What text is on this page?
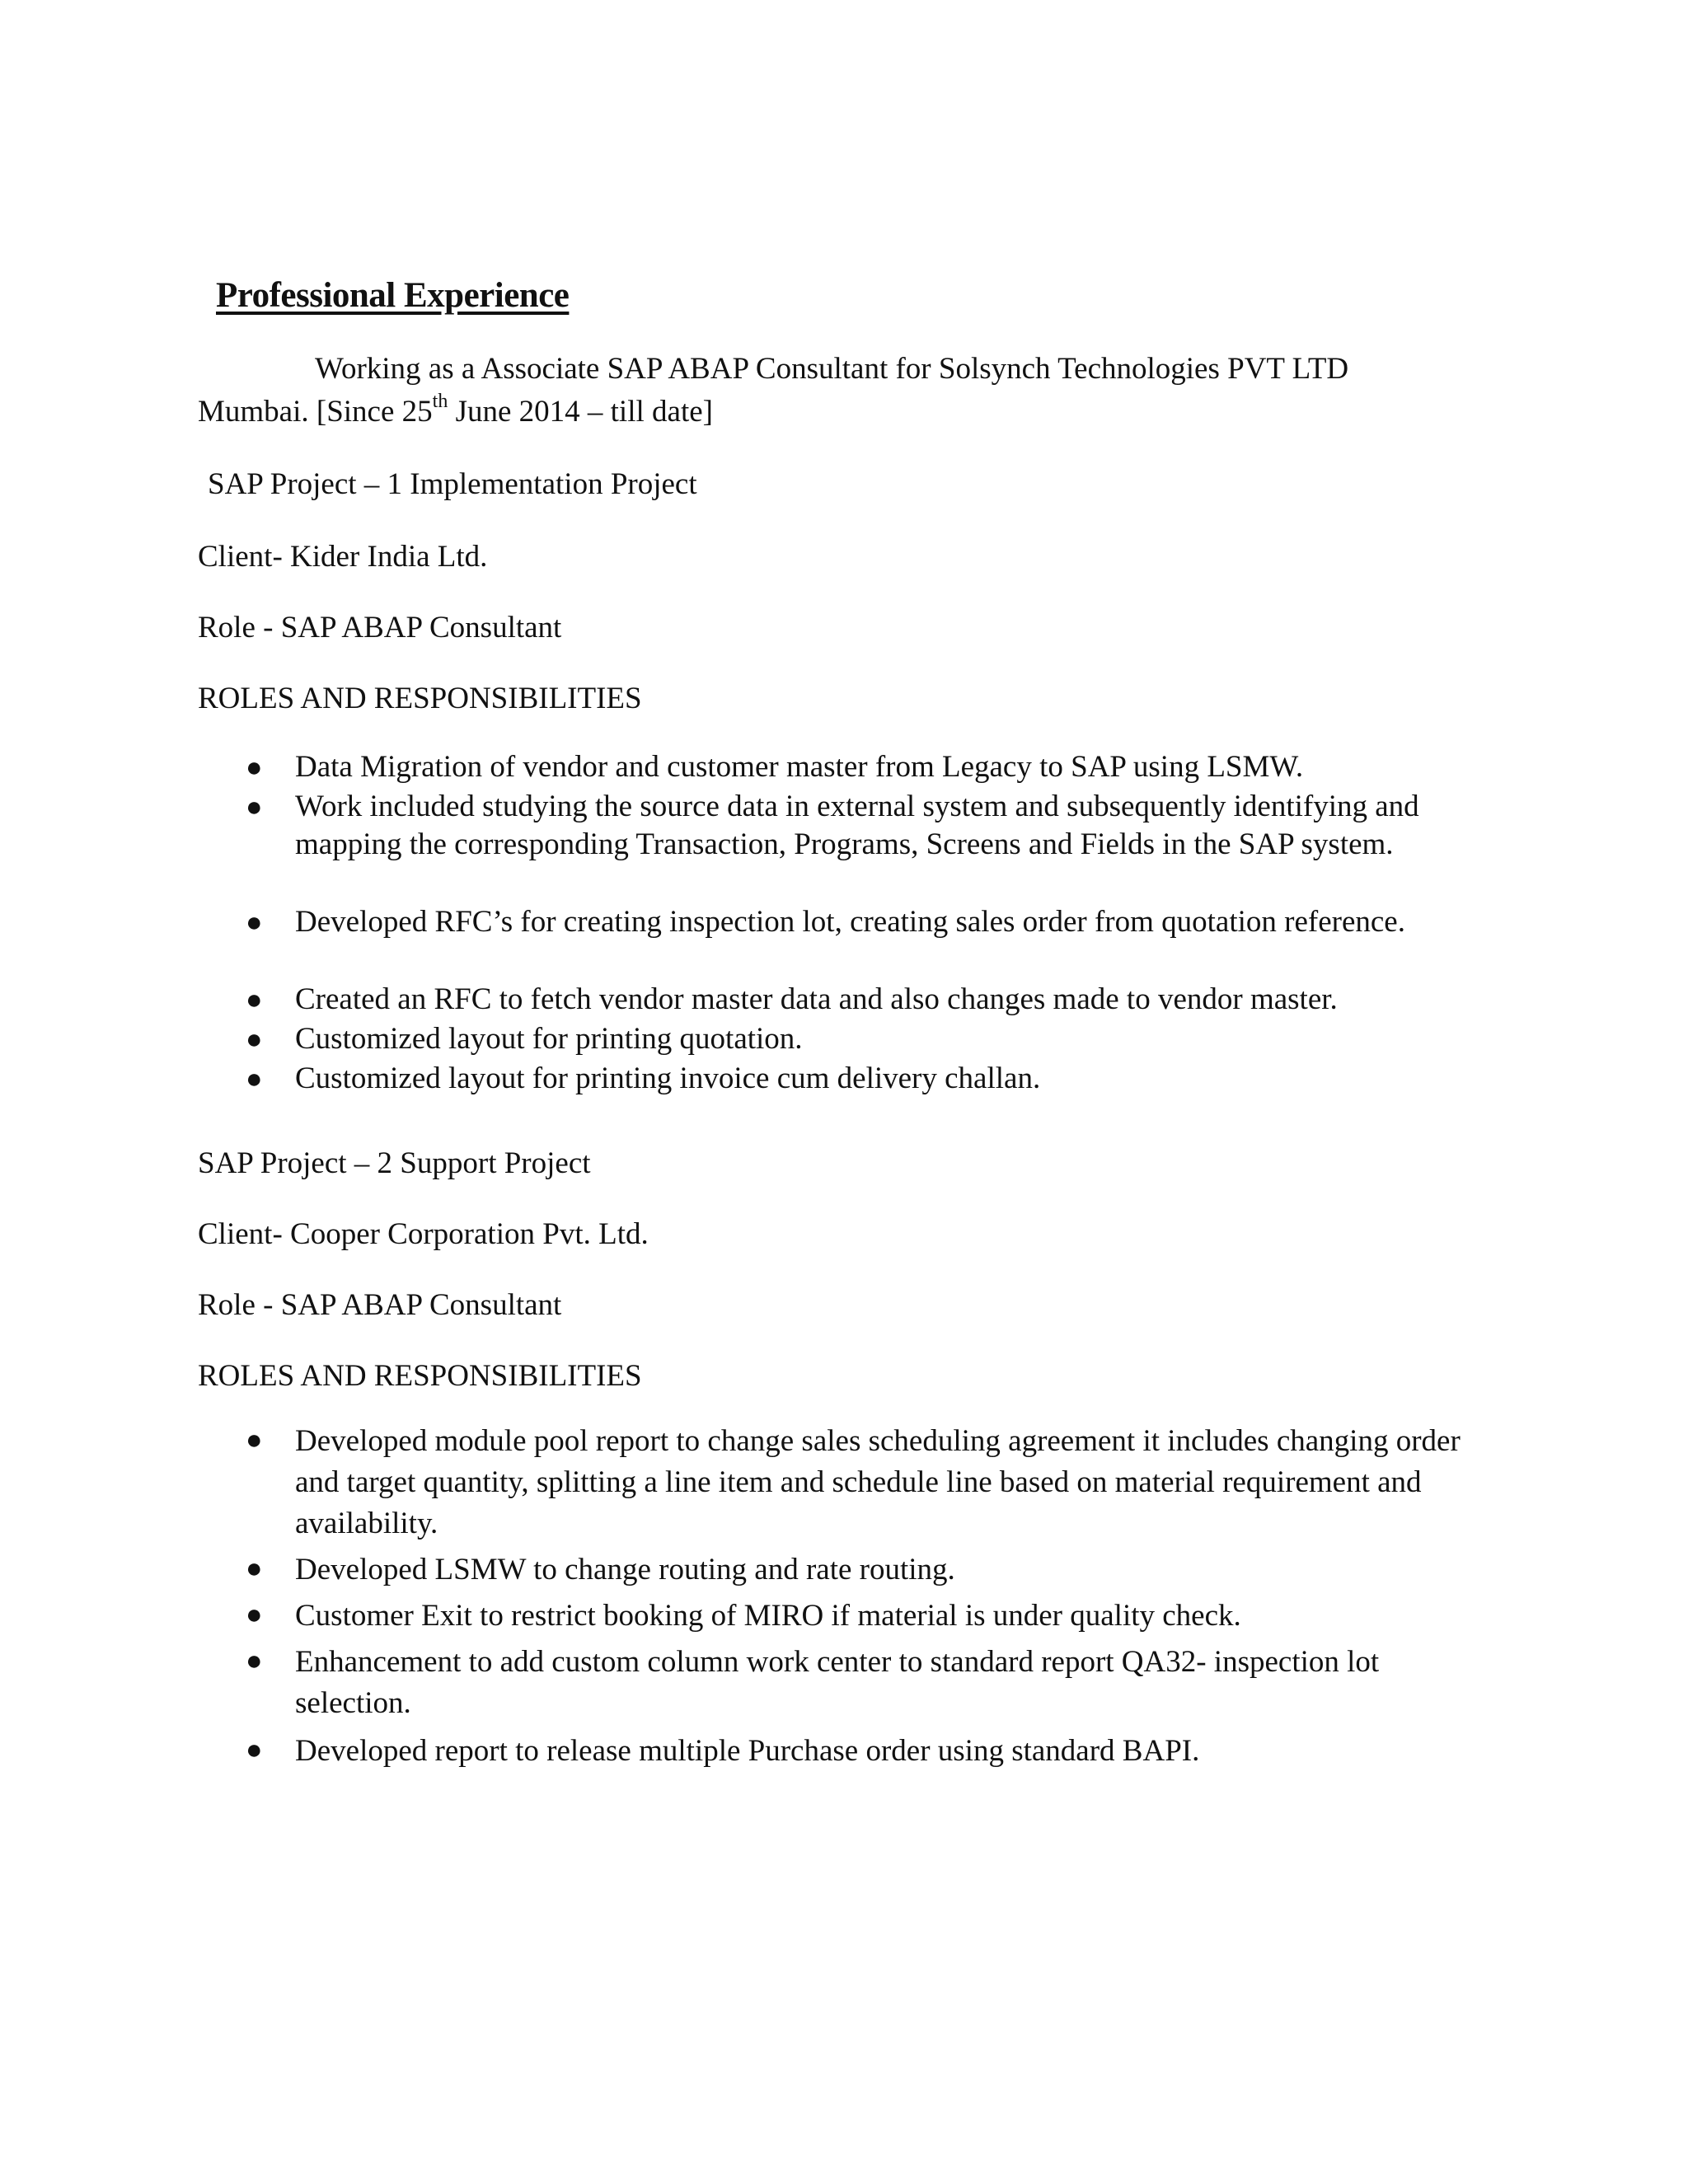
Professional Experience
Working as a Associate SAP ABAP Consultant for Solsynch Technologies PVT LTD
Mumbai. [Since 25th June 2014 – till date]
SAP Project – 1 Implementation Project
Client- Kider India Ltd.
Role - SAP ABAP Consultant
ROLES AND RESPONSIBILITIES
● Data Migration of vendor and customer master from Legacy to SAP using LSMW.
● Work included studying the source data in external system and subsequently identifying and mapping the corresponding Transaction, Programs, Screens and Fields in the SAP system.
● Developed RFC’s for creating inspection lot, creating sales order from quotation reference.
● Created an RFC to fetch vendor master data and also changes made to vendor master.
● Customized layout for printing quotation.
● Customized layout for printing invoice cum delivery challan.
SAP Project – 2 Support Project
Client- Cooper Corporation Pvt. Ltd.
Role - SAP ABAP Consultant
ROLES AND RESPONSIBILITIES
● Developed module pool report to change sales scheduling agreement it includes changing order and target quantity, splitting a line item and schedule line based on material requirement and availability.
● Developed LSMW to change routing and rate routing.
● Customer Exit to restrict booking of MIRO if material is under quality check.
● Enhancement to add custom column work center to standard report QA32- inspection lot selection.
● Developed report to release multiple Purchase order using standard BAPI.
